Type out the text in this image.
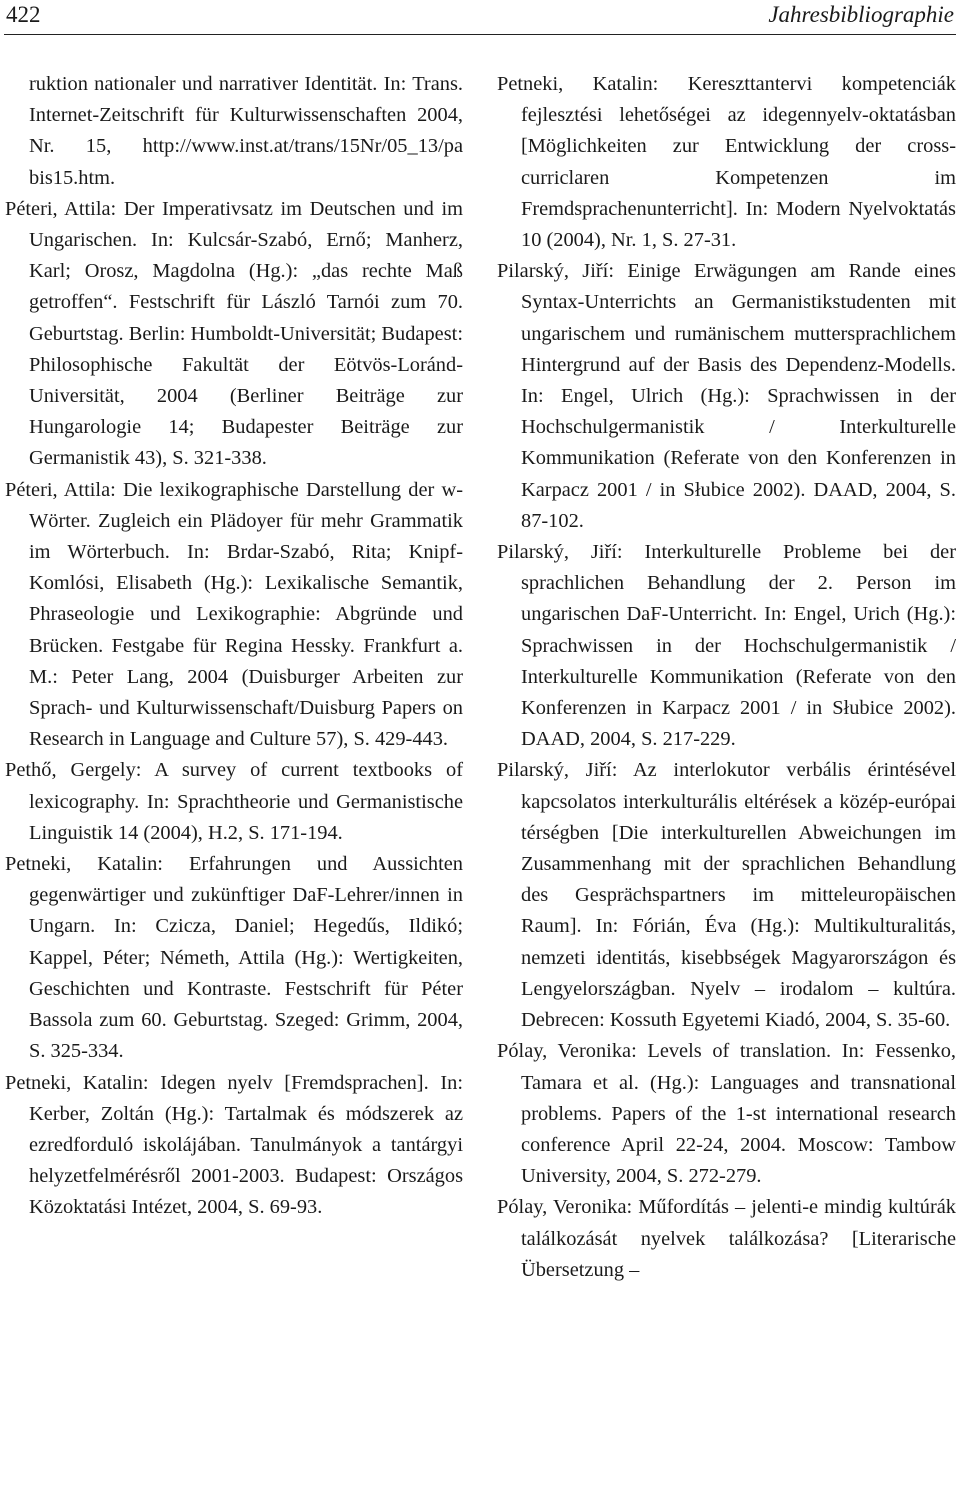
422	Jahresbibliographie

ruktion nationaler und narrativer Identität. In: Trans. Internet-Zeitschrift für Kulturwissenschaften 2004, Nr. 15, http://www.inst.at/trans/15Nr/05_13/pa bis15.htm.

Péteri, Attila: Der Imperativsatz im Deutschen und im Ungarischen. In: Kulcsár-Szabó, Ernő; Manherz, Karl; Orosz, Magdolna (Hg.): „das rechte Maß getroffen“. Festschrift für László Tarnói zum 70. Geburtstag. Berlin: Humboldt-Universität; Budapest: Philosophische Fakultät der Eötvös-Loránd-Universität, 2004 (Berliner Beiträge zur Hungarologie 14; Budapester Beiträge zur Germanistik 43), S. 321-338.

Péteri, Attila: Die lexikographische Darstellung der w-Wörter. Zugleich ein Plädoyer für mehr Grammatik im Wörterbuch. In: Brdar-Szabó, Rita; Knipf-Komlósi, Elisabeth (Hg.): Lexikalische Semantik, Phraseologie und Lexikographie: Abgründe und Brücken. Festgabe für Regina Hessky. Frankfurt a. M.: Peter Lang, 2004 (Duisburger Arbeiten zur Sprach- und Kulturwissenschaft/Duisburg Papers on Research in Language and Culture 57), S. 429-443.

Pethő, Gergely: A survey of current textbooks of lexicography. In: Sprachtheorie und Germanistische Linguistik 14 (2004), H.2, S. 171-194.

Petneki, Katalin: Erfahrungen und Aussichten gegenwärtiger und zukünftiger DaF-Lehrer/innen in Ungarn. In: Czicza, Daniel; Hegedűs, Ildikó; Kappel, Péter; Németh, Attila (Hg.): Wertigkeiten, Geschichten und Kontraste. Festschrift für Péter Bassola zum 60. Geburtstag. Szeged: Grimm, 2004, S. 325-334.

Petneki, Katalin: Idegen nyelv [Fremdsprachen]. In: Kerber, Zoltán (Hg.): Tartalmak és módszerek az ezredforduló iskolájában. Tanulmányok a tantárgyi helyzetfelmérésről 2001-2003. Budapest: Országos Közoktatási Intézet, 2004, S. 69-93.

Petneki, Katalin: Kereszttantervi kompetenciák fejlesztési lehetőségei az idegennyelv-oktatásban [Möglichkeiten zur Entwicklung der cross-curriclaren Kompetenzen im Fremdsprachenunterricht]. In: Modern Nyelvoktatás 10 (2004), Nr. 1, S. 27-31.

Pilarský, Jiří: Einige Erwägungen am Rande eines Syntax-Unterrichts an Germanistikstudenten mit ungarischem und rumänischem muttersprachlichem Hintergrund auf der Basis des Dependenz-Modells. In: Engel, Ulrich (Hg.): Sprachwissen in der Hochschulgermanistik / Interkulturelle Kommunikation (Referate von den Konferenzen in Karpacz 2001 / in Słubice 2002). DAAD, 2004, S. 87-102.

Pilarský, Jiří: Interkulturelle Probleme bei der sprachlichen Behandlung der 2. Person im ungarischen DaF-Unterricht. In: Engel, Urich (Hg.): Sprachwissen in der Hochschulgermanistik / Interkulturelle Kommunikation (Referate von den Konferenzen in Karpacz 2001 / in Słubice 2002). DAAD, 2004, S. 217-229.

Pilarský, Jiří: Az interlokutor verbális érintésével kapcsolatos interkulturális eltérések a közép-európai térségben [Die interkulturellen Abweichungen im Zusammenhang mit der sprachlichen Behandlung des Gesprächspartners im mitteleuropäischen Raum]. In: Fórián, Éva (Hg.): Multikulturalitás, nemzeti identitás, kisebbségek Magyarországon és Lengyelországban. Nyelv – irodalom – kultúra. Debrecen: Kossuth Egyetemi Kiadó, 2004, S. 35-60.

Pólay, Veronika: Levels of translation. In: Fessenko, Tamara et al. (Hg.): Languages and transnational problems. Papers of the 1-st international research conference April 22-24, 2004. Moscow: Tambow University, 2004, S. 272-279.

Pólay, Veronika: Műfordítás – jelenti-e mindig kultúrák találkozását nyelvek találkozása? [Literarische Übersetzung –
